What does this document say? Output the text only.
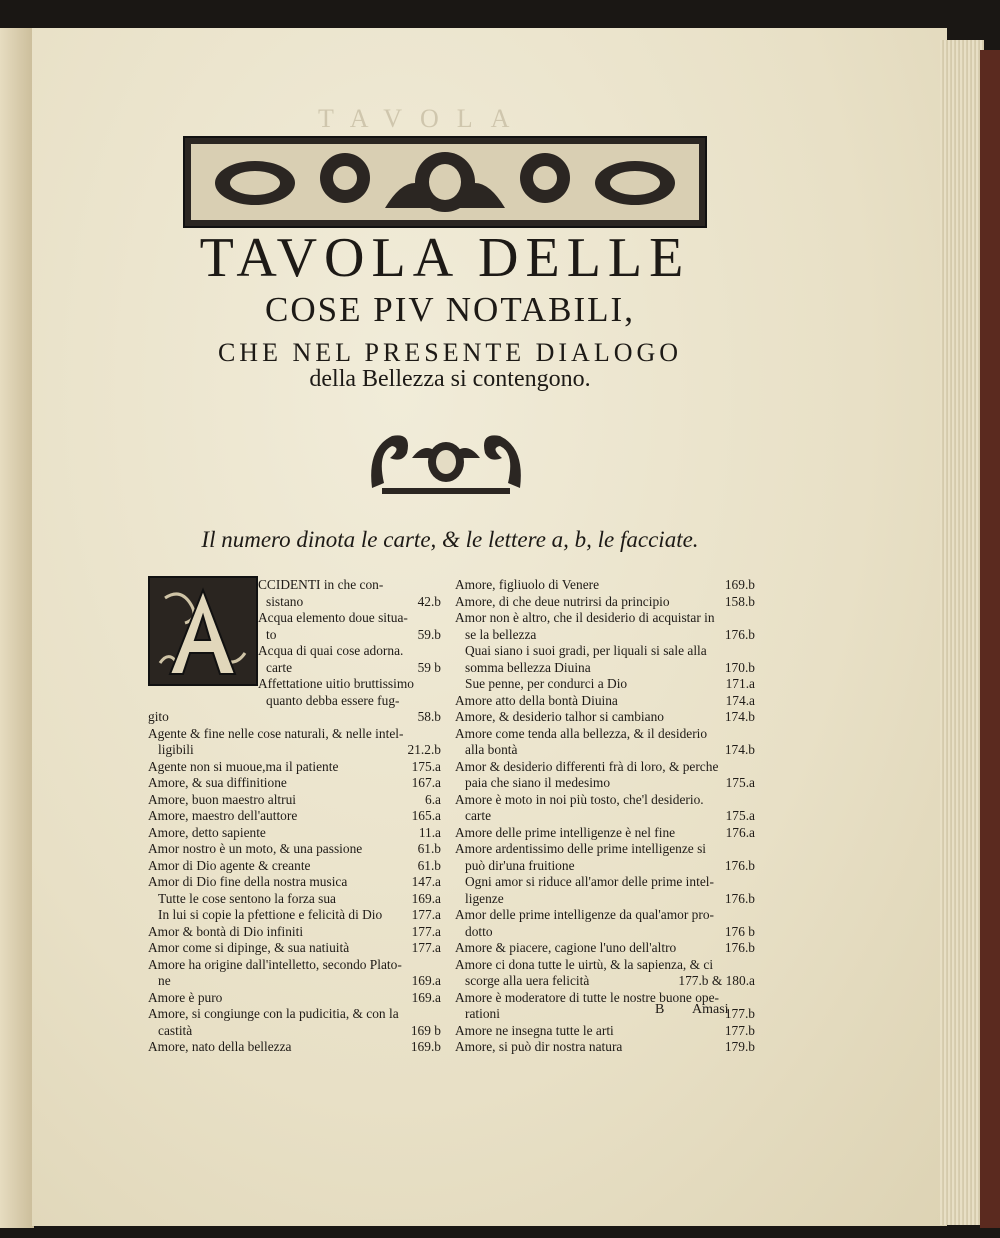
TAVOLA
TAVOLA DELLE
COSE PIV NOTABILI,
CHE NEL PRESENTE DIALOGO
della Bellezza si contengono.
Il numero dinota le carte, & le lettere a, b, le facciate.
CCIDENTI in che con-
sistano	42.b
Acqua elemento doue situa-
to	59.b
Acqua di quai cose adorna.
carte	59 b
Affettatione uitio bruttissimo
quanto debba essere fug-
gito	58.b
Agente & fine nelle cose naturali, & nelle intel-
ligibili	21.2.b
Agente non si muoue,ma il patiente	175.a
Amore, & sua diffinitione	167.a
Amore, buon maestro altrui	6.a
Amore, maestro dell'auttore	165.a
Amore, detto sapiente	11.a
Amor nostro è un moto, & una passione	61.b
Amor di Dio agente & creante	61.b
Amor di Dio fine della nostra musica	147.a
Tutte le cose sentono la forza sua	169.a
In lui si copie la pfettione e felicità di Dio 177.a
Amor & bontà di Dio infiniti	177.a
Amor come si dipinge, & sua natiuità	177.a
Amore ha origine dall'intelletto, secondo Plato-
ne	169.a
Amore è puro	169.a
Amore, si congiunge con la pudicitia, & con la
castità	169 b
Amore, nato della bellezza	169.b
Amore, figliuolo di Venere	169.b
Amore, di che deue nutrirsi da principio	158.b
Amor non è altro, che il desiderio di acquistar in
se la bellezza	176.b
Quai siano i suoi gradi, per liquali si sale alla
somma bellezza Diuina	170.b
Sue penne, per condurci a Dio	171.a
Amore atto della bontà Diuina	174.a
Amore, & desiderio talhor si cambiano	174.b
Amore come tenda alla bellezza, & il desiderio
alla bontà	174.b
Amor & desiderio differenti frà di loro, & perche
paia che siano il medesimo	175.a
Amore è moto in noi più tosto, che'l desiderio.
carte	175.a
Amore delle prime intelligenze è nel fine	176.a
Amore ardentissimo delle prime intelligenze si
può dir'una fruitione	176.b
Ogni amor si riduce all'amor delle prime intel-
ligenze	176.b
Amor delle prime intelligenze da qual'amor pro-
dotto	176 b
Amore & piacere, cagione l'uno dell'altro	176.b
Amore ci dona tutte le uirtù, & la sapienza, & ci
scorge alla uera felicità	177.b & 180.a
Amore è moderatore di tutte le nostre buone ope-
rationi	177.b
Amore ne insegna tutte le arti	177.b
Amore, si può dir nostra natura	179.b
B Amasi
